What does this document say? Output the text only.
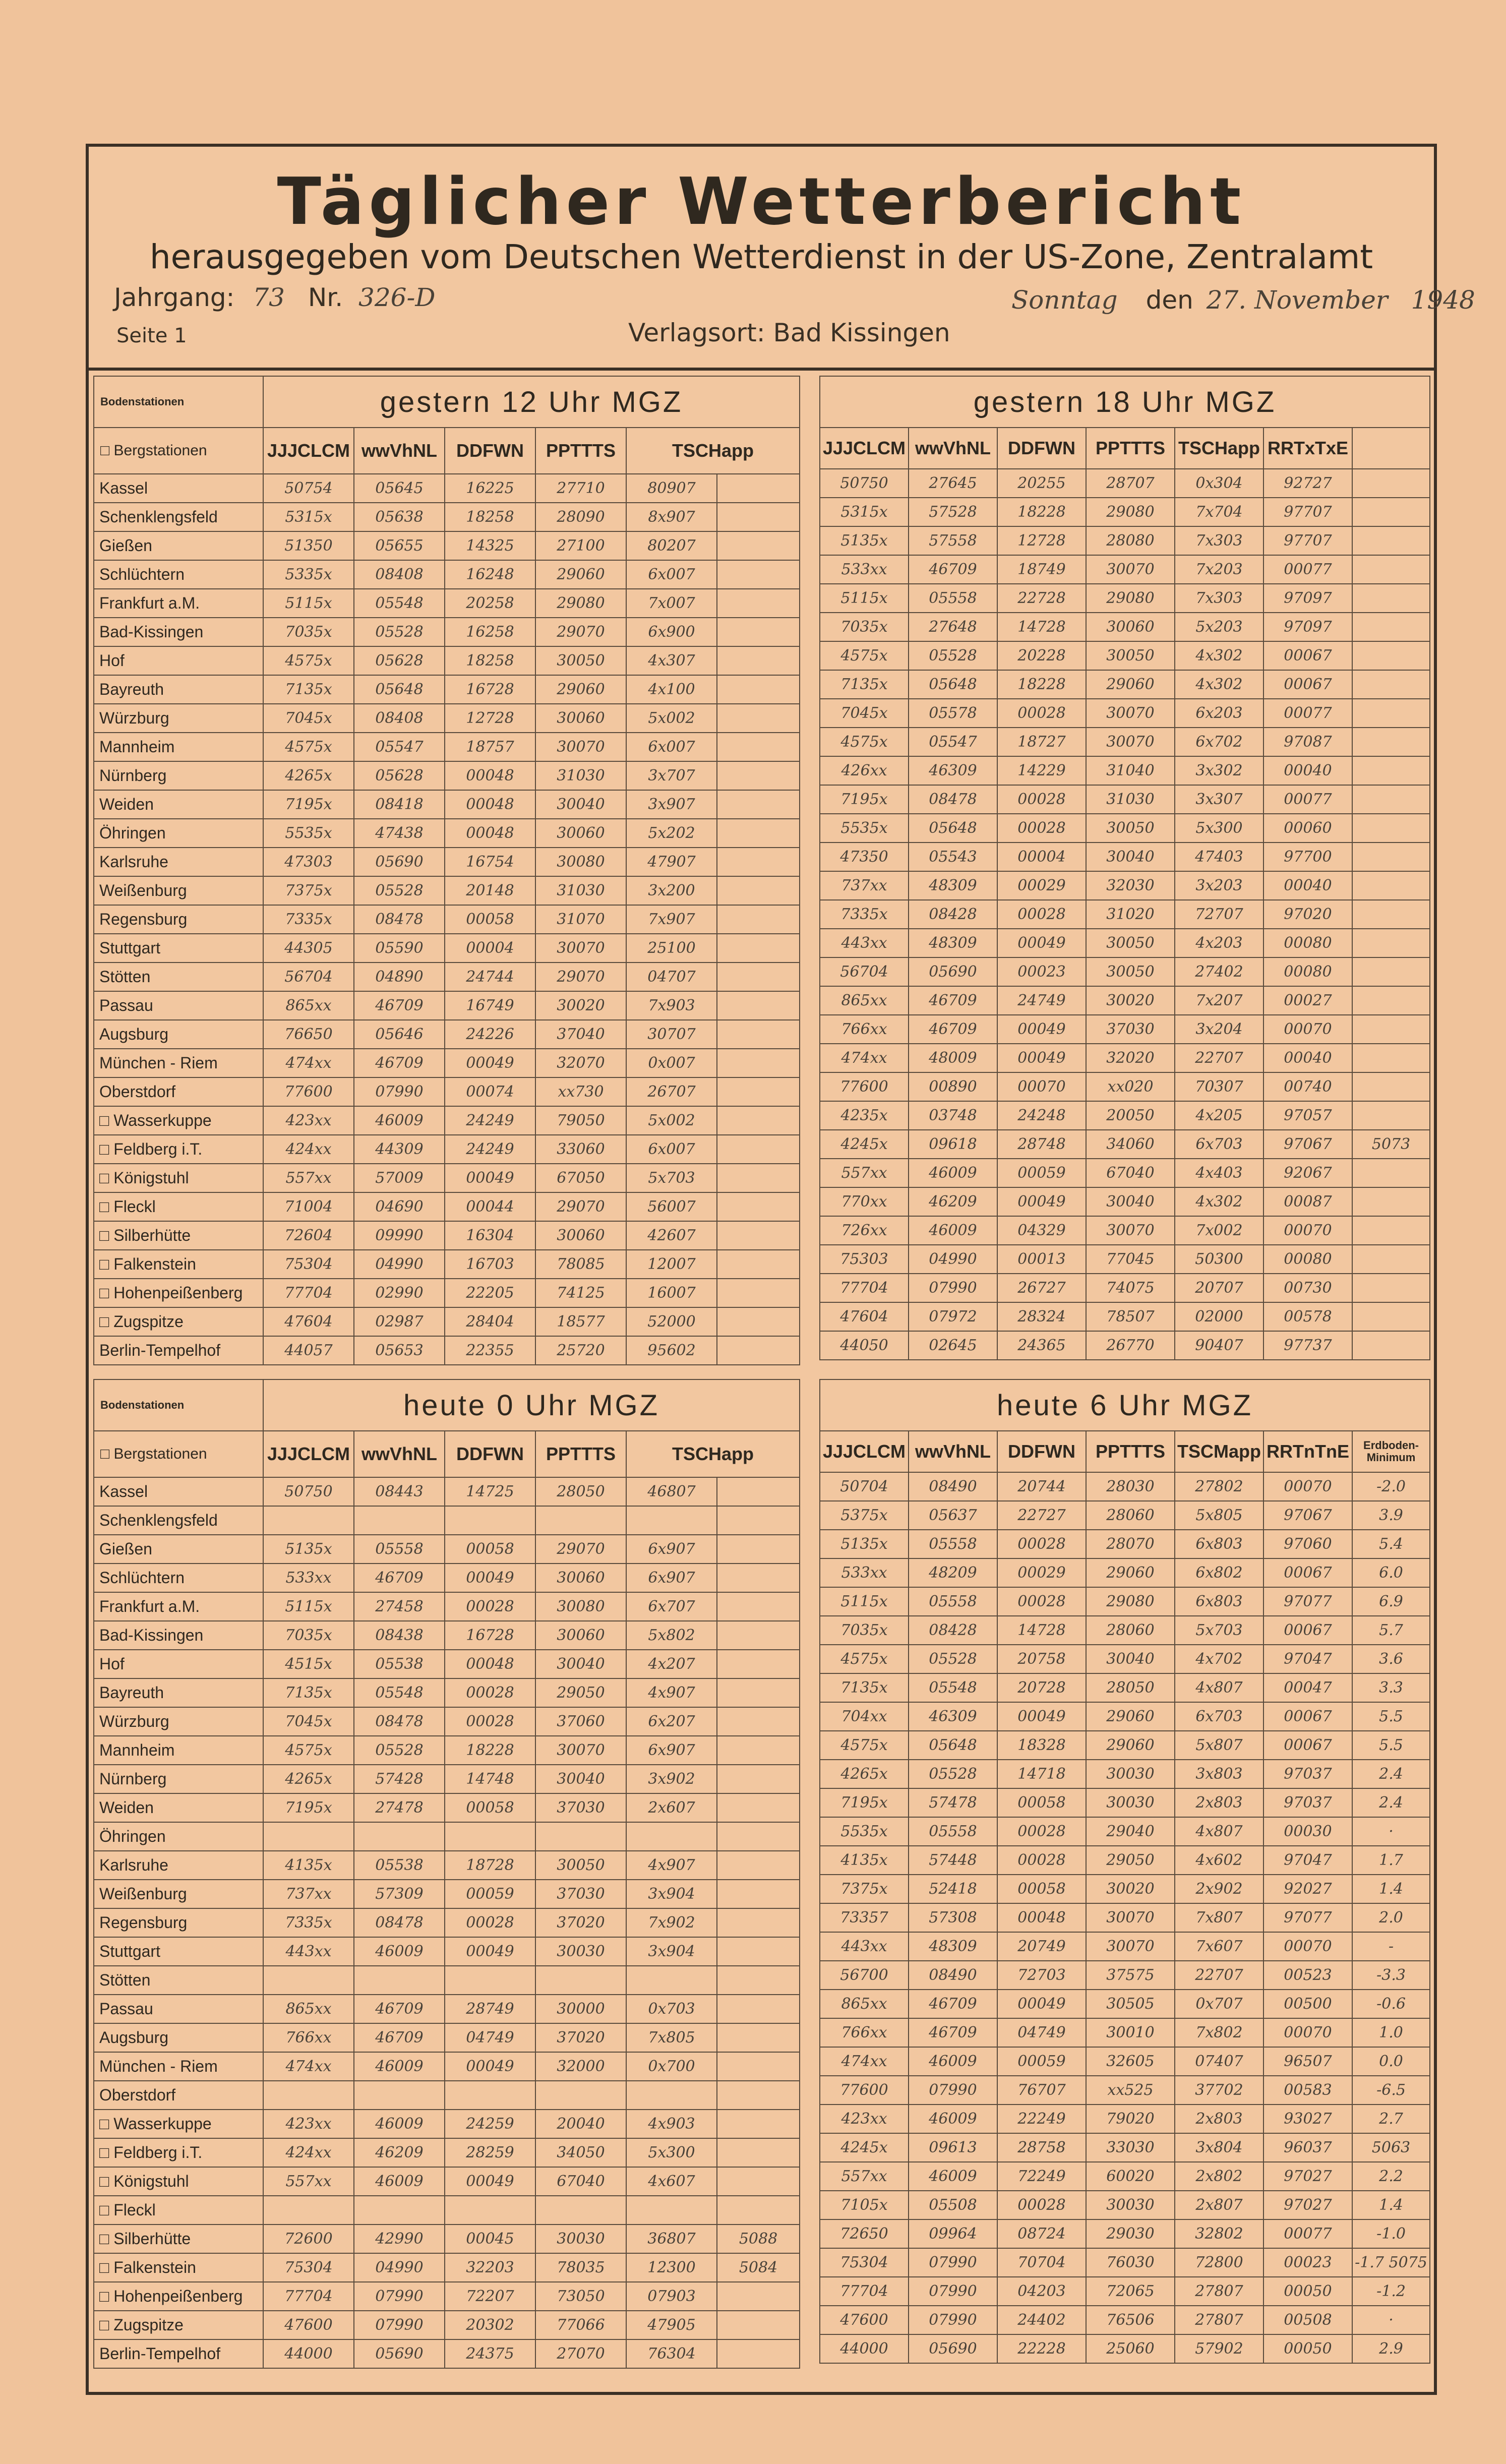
Täglicher Wetterbericht
herausgegeben vom Deutschen Wetterdienst in der US-Zone, Zentralamt
Jahrgang: 73 Nr. 326-D	Sonntag den 27. November 1948
Seite 1	Verlagsort: Bad Kissingen
Bodenstationen	gestern 12 Uhr MGZ					
□ Bergstationen	JJJCLCM	wwVhNL	DDFWN	PPTTTS	TSCHapp	
Kassel	50754	05645	16225	27710	80907	
Schenklengsfeld	5315x	05638	18258	28090	8x907	
Gießen	51350	05655	14325	27100	80207	
Schlüchtern	5335x	08408	16248	29060	6x007	
Frankfurt a.M.	5115x	05548	20258	29080	7x007	
Bad-Kissingen	7035x	05528	16258	29070	6x900	
Hof	4575x	05628	18258	30050	4x307	
Bayreuth	7135x	05648	16728	29060	4x100	
Würzburg	7045x	08408	12728	30060	5x002	
Mannheim	4575x	05547	18757	30070	6x007	
Nürnberg	4265x	05628	00048	31030	3x707	
Weiden	7195x	08418	00048	30040	3x907	
Öhringen	5535x	47438	00048	30060	5x202	
Karlsruhe	47303	05690	16754	30080	47907	
Weißenburg	7375x	05528	20148	31030	3x200	
Regensburg	7335x	08478	00058	31070	7x907	
Stuttgart	44305	05590	00004	30070	25100	
Stötten	56704	04890	24744	29070	04707	
Passau	865xx	46709	16749	30020	7x903	
Augsburg	76650	05646	24226	37040	30707	
München - Riem	474xx	46709	00049	32070	0x007	
Oberstdorf	77600	07990	00074	xx730	26707	
□ Wasserkuppe	423xx	46009	24249	79050	5x002	
□ Feldberg i.T.	424xx	44309	24249	33060	6x007	
□ Königstuhl	557xx	57009	00049	67050	5x703	
□ Fleckl	71004	04690	00044	29070	56007	
□ Silberhütte	72604	09990	16304	30060	42607	
□ Falkenstein	75304	04990	16703	78085	12007	
□ Hohenpeißenberg	77704	02990	22205	74125	16007	
□ Zugspitze	47604	02987	28404	18577	52000	
Berlin-Tempelhof	44057	05653	22355	25720	95602	
gestern 18 Uhr MGZ						
JJJCLCM	wwVhNL	DDFWN	PPTTTS	TSCHapp	RRTxTxE	
50750	27645	20255	28707	0x304	92727	
5315x	57528	18228	29080	7x704	97707	
5135x	57558	12728	28080	7x303	97707	
533xx	46709	18749	30070	7x203	00077	
5115x	05558	22728	29080	7x303	97097	
7035x	27648	14728	30060	5x203	97097	
4575x	05528	20228	30050	4x302	00067	
7135x	05648	18228	29060	4x302	00067	
7045x	05578	00028	30070	6x203	00077	
4575x	05547	18727	30070	6x702	97087	
426xx	46309	14229	31040	3x302	00040	
7195x	08478	00028	31030	3x307	00077	
5535x	05648	00028	30050	5x300	00060	
47350	05543	00004	30040	47403	97700	
737xx	48309	00029	32030	3x203	00040	
7335x	08428	00028	31020	72707	97020	
443xx	48309	00049	30050	4x203	00080	
56704	05690	00023	30050	27402	00080	
865xx	46709	24749	30020	7x207	00027	
766xx	46709	00049	37030	3x204	00070	
474xx	48009	00049	32020	22707	00040	
77600	00890	00070	xx020	70307	00740	
4235x	03748	24248	20050	4x205	97057	
4245x	09618	28748	34060	6x703	97067	5073
557xx	46009	00059	67040	4x403	92067	
770xx	46209	00049	30040	4x302	00087	
726xx	46009	04329	30070	7x002	00070	
75303	04990	00013	77045	50300	00080	
77704	07990	26727	74075	20707	00730	
47604	07972	28324	78507	02000	00578	
44050	02645	24365	26770	90407	97737	
Bodenstationen	heute 0 Uhr MGZ					
□ Bergstationen	JJJCLCM	wwVhNL	DDFWN	PPTTTS	TSCHapp	
Kassel	50750	08443	14725	28050	46807	
Schenklengsfeld						
Gießen	5135x	05558	00058	29070	6x907	
Schlüchtern	533xx	46709	00049	30060	6x907	
Frankfurt a.M.	5115x	27458	00028	30080	6x707	
Bad-Kissingen	7035x	08438	16728	30060	5x802	
Hof	4515x	05538	00048	30040	4x207	
Bayreuth	7135x	05548	00028	29050	4x907	
Würzburg	7045x	08478	00028	37060	6x207	
Mannheim	4575x	05528	18228	30070	6x907	
Nürnberg	4265x	57428	14748	30040	3x902	
Weiden	7195x	27478	00058	37030	2x607	
Öhringen						
Karlsruhe	4135x	05538	18728	30050	4x907	
Weißenburg	737xx	57309	00059	37030	3x904	
Regensburg	7335x	08478	00028	37020	7x902	
Stuttgart	443xx	46009	00049	30030	3x904	
Stötten						
Passau	865xx	46709	28749	30000	0x703	
Augsburg	766xx	46709	04749	37020	7x805	
München - Riem	474xx	46009	00049	32000	0x700	
Oberstdorf						
□ Wasserkuppe	423xx	46009	24259	20040	4x903	
□ Feldberg i.T.	424xx	46209	28259	34050	5x300	
□ Königstuhl	557xx	46009	00049	67040	4x607	
□ Fleckl						
□ Silberhütte	72600	42990	00045	30030	36807	5088
□ Falkenstein	75304	04990	32203	78035	12300	5084
□ Hohenpeißenberg	77704	07990	72207	73050	07903	
□ Zugspitze	47600	07990	20302	77066	47905	
Berlin-Tempelhof	44000	05690	24375	27070	76304	
heute 6 Uhr MGZ						
JJJCLCM	wwVhNL	DDFWN	PPTTTS	TSCMapp	RRTnTnE	Erdboden-Minimum
50704	08490	20744	28030	27802	00070	-2.0
5375x	05637	22727	28060	5x805	97067	3.9
5135x	05558	00028	28070	6x803	97060	5.4
533xx	48209	00029	29060	6x802	00067	6.0
5115x	05558	00028	29080	6x803	97077	6.9
7035x	08428	14728	28060	5x703	00067	5.7
4575x	05528	20758	30040	4x702	97047	3.6
7135x	05548	20728	28050	4x807	00047	3.3
704xx	46309	00049	29060	6x703	00067	5.5
4575x	05648	18328	29060	5x807	00067	5.5
4265x	05528	14718	30030	3x803	97037	2.4
7195x	57478	00058	30030	2x803	97037	2.4
5535x	05558	00028	29040	4x807	00030	·
4135x	57448	00028	29050	4x602	97047	1.7
7375x	52418	00058	30020	2x902	92027	1.4
73357	57308	00048	30070	7x807	97077	2.0
443xx	48309	20749	30070	7x607	00070	-
56700	08490	72703	37575	22707	00523	-3.3
865xx	46709	00049	30505	0x707	00500	-0.6
766xx	46709	04749	30010	7x802	00070	1.0
474xx	46009	00059	32605	07407	96507	0.0
77600	07990	76707	xx525	37702	00583	-6.5
423xx	46009	22249	79020	2x803	93027	2.7
4245x	09613	28758	33030	3x804	96037	5063
557xx	46009	72249	60020	2x802	97027	2.2
7105x	05508	00028	30030	2x807	97027	1.4
72650	09964	08724	29030	32802	00077	-1.0
75304	07990	70704	76030	72800	00023	-1.7 5075
77704	07990	04203	72065	27807	00050	-1.2
47600	07990	24402	76506	27807	00508	·
44000	05690	22228	25060	57902	00050	2.9
